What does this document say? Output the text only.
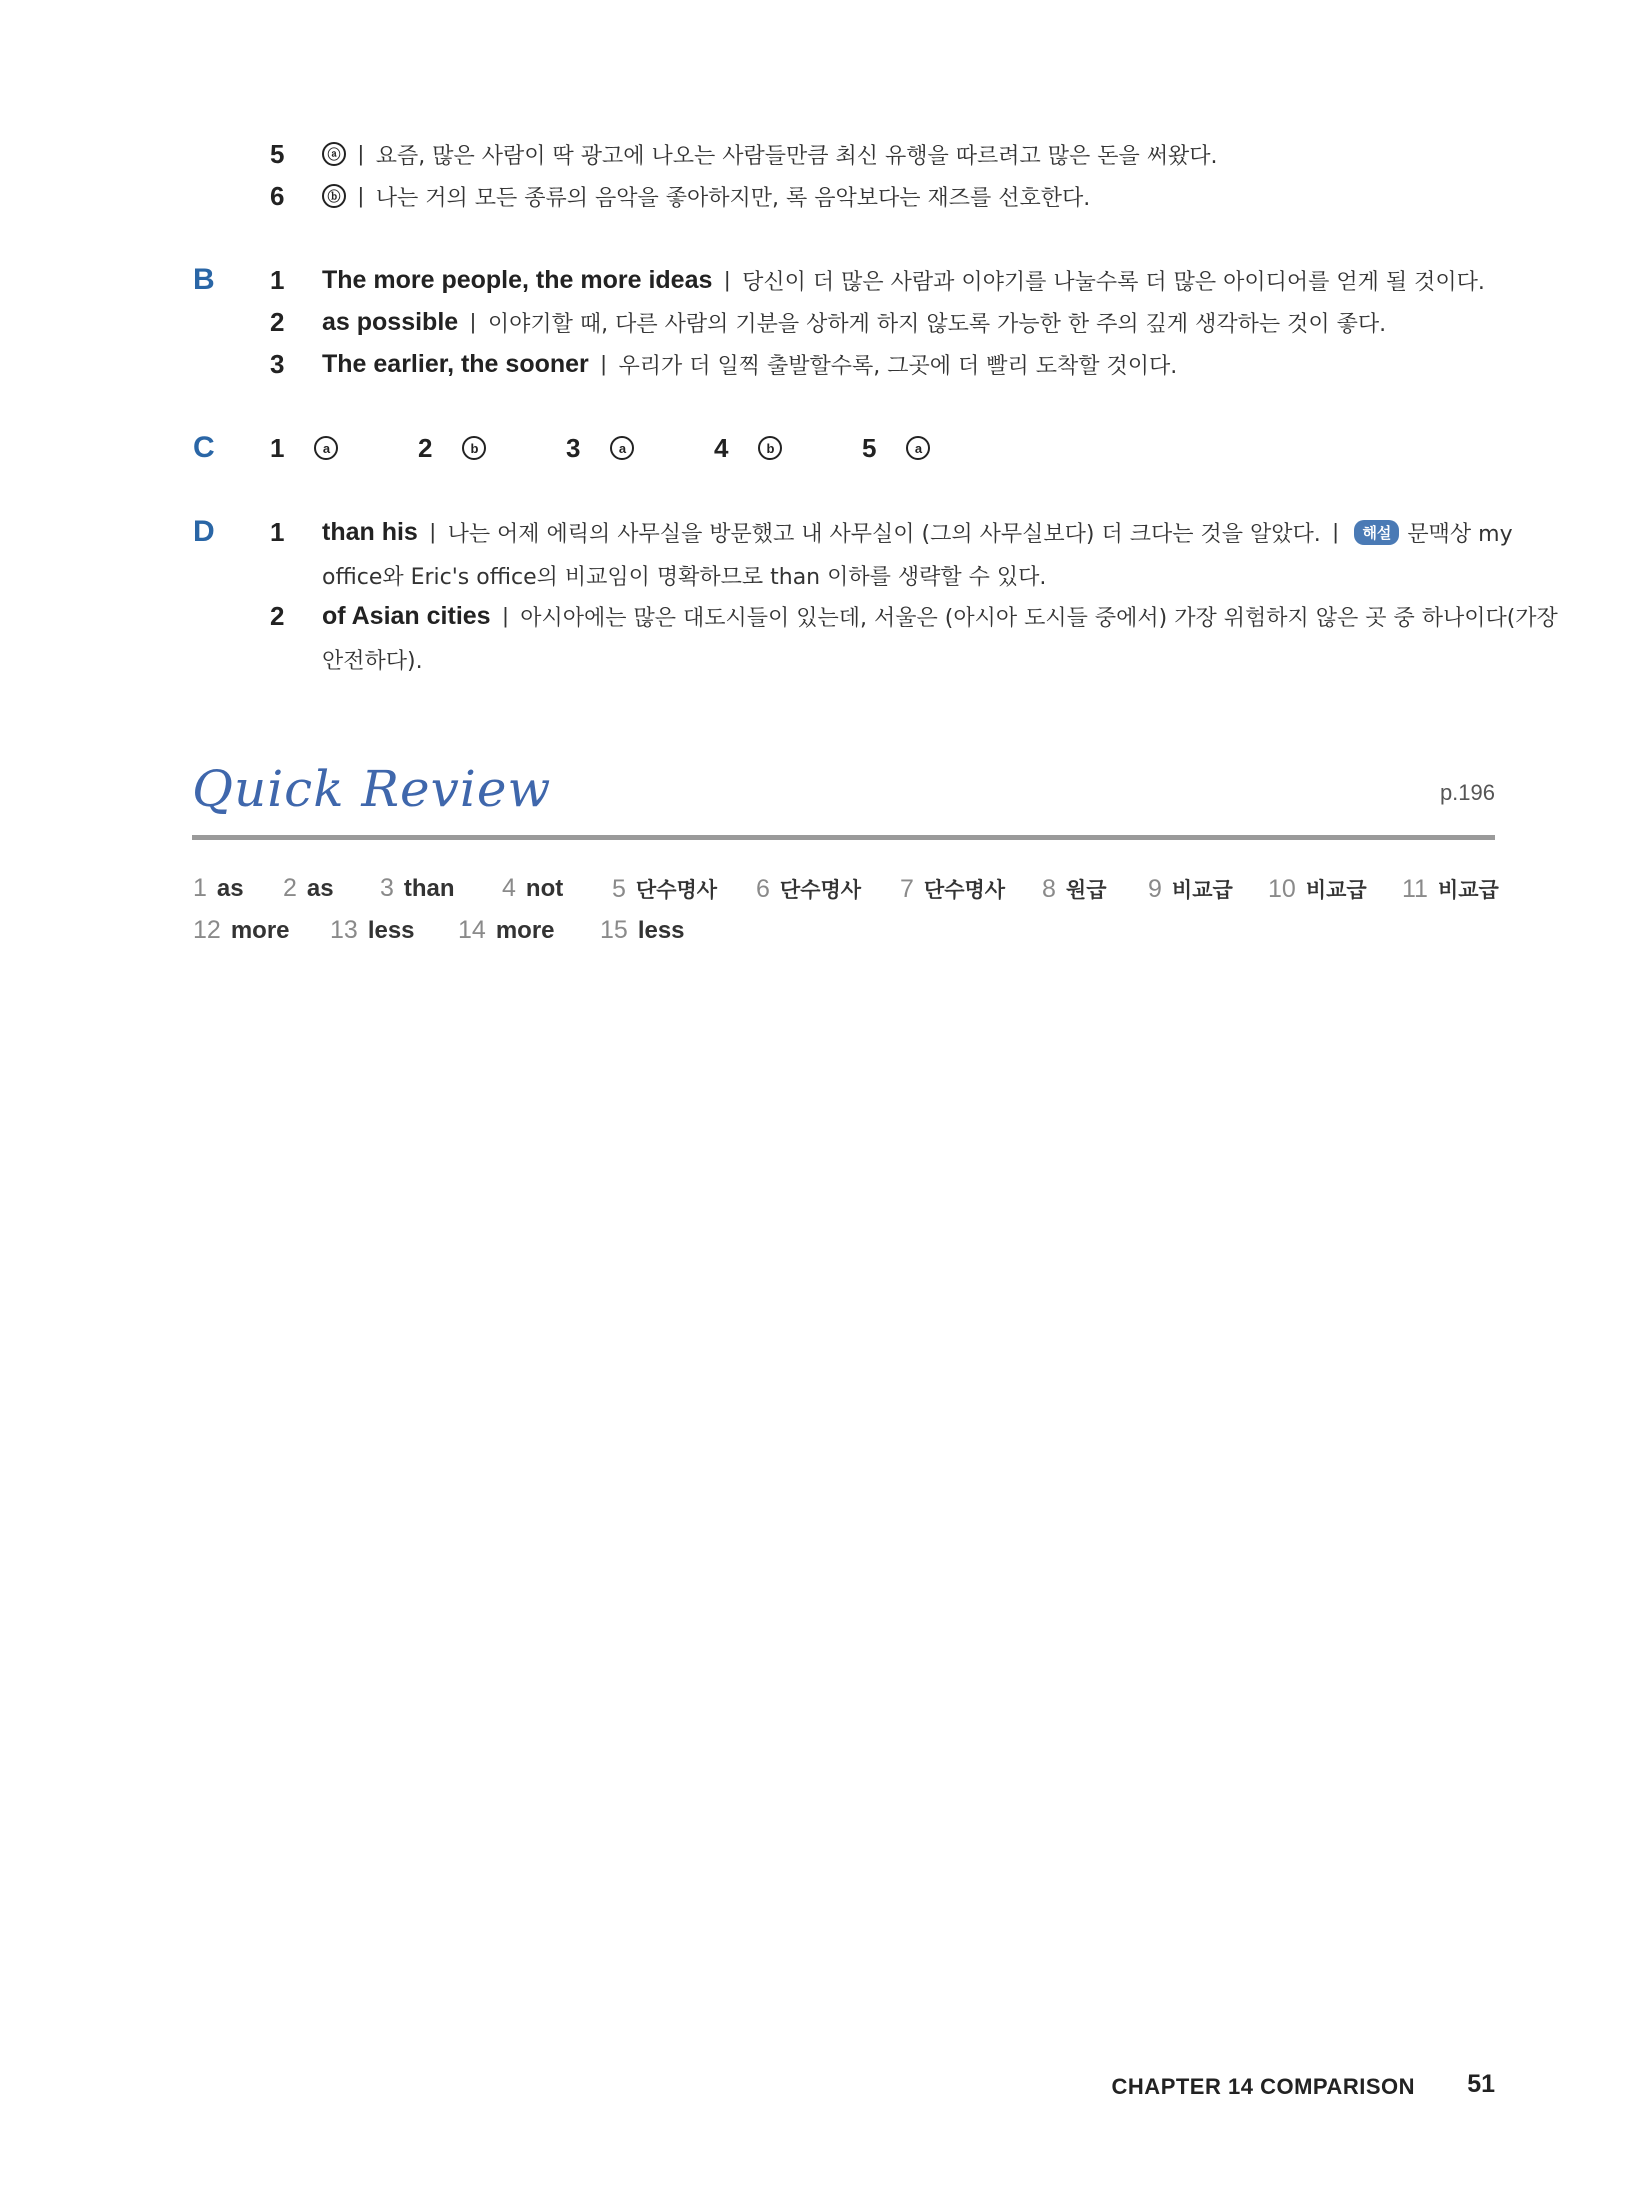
5	ⓐ | 요즘, 많은 사람이 딱 광고에 나오는 사람들만큼 최신 유행을 따르려고 많은 돈을 써왔다.
6	ⓑ | 나는 거의 모든 종류의 음악을 좋아하지만, 록 음악보다는 재즈를 선호한다.
B	1 The more people, the more ideas | 당신이 더 많은 사람과 이야기를 나눌수록 더 많은 아이디어를 얻게 될 것이다.
2 as possible | 이야기할 때, 다른 사람의 기분을 상하게 하지 않도록 가능한 한 주의 깊게 생각하는 것이 좋다.
3 The earlier, the sooner | 우리가 더 일찍 출발할수록, 그곳에 더 빨리 도착할 것이다.
C	1	a	2	b	3	a	4	b	5	a
D	1 than his | 나는 어제 에릭의 사무실을 방문했고 내 사무실이 (그의 사무실보다) 더 크다는 것을 알았다. |	해설 문맥상 my
office와 Eric's office의 비교임이 명확하므로 than 이하를 생략할 수 있다.
2 of Asian cities | 아시아에는 많은 대도시들이 있는데, 서울은 (아시아 도시들 중에서) 가장 위험하지 않은 곳 중 하나이다(가장
안전하다).
Quick Review	p.196
1 as 2 as 3 than 4 not 5 단수명사 6 단수명사 7 단수명사 8 원급 9 비교급 10 비교급 11 비교급
12 more 13 less 14 more 15 less
CHAPTER 14 COMPARISON 51
